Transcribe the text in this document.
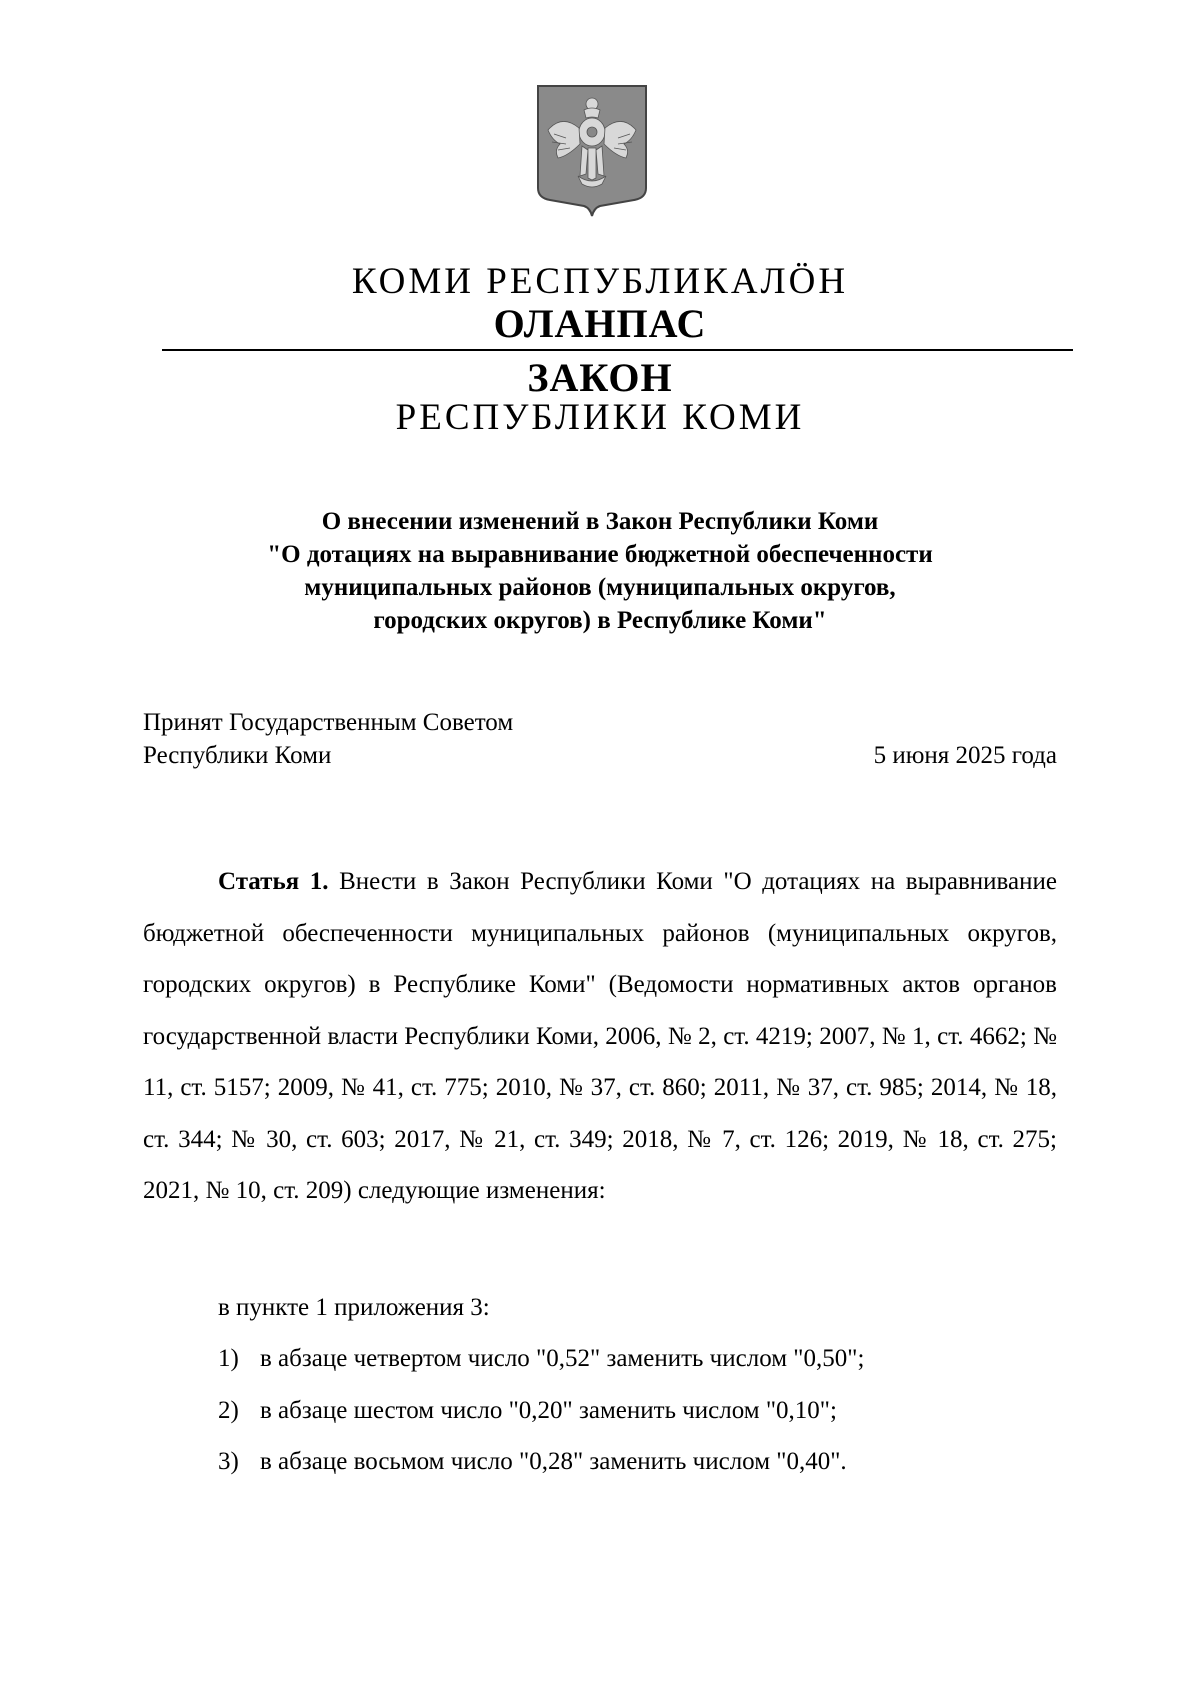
КОМИ РЕСПУБЛИКАЛӦН
ОЛАНПАС
ЗАКОН
РЕСПУБЛИКИ КОМИ
О внесении изменений в Закон Республики Коми
"О дотациях на выравнивание бюджетной обеспеченности
муниципальных районов (муниципальных округов,
городских округов) в Республике Коми"
Принят Государственным Советом
Республики Коми	5 июня 2025 года
Статья 1. Внести в Закон Республики Коми "О дотациях на выравнивание бюджетной обеспеченности муниципальных районов (муниципальных округов, городских округов) в Республике Коми" (Ведомости нормативных актов органов государственной власти Республики Коми, 2006, № 2, ст. 4219; 2007, № 1, ст. 4662; № 11, ст. 5157; 2009, № 41, ст. 775; 2010, № 37, ст. 860; 2011, № 37, ст. 985; 2014, № 18, ст. 344; № 30, ст. 603; 2017, № 21, ст. 349; 2018, № 7, ст. 126; 2019, № 18, ст. 275; 2021, № 10, ст. 209) следующие изменения:
в пункте 1 приложения 3:
1) в абзаце четвертом число "0,52" заменить числом "0,50";
2) в абзаце шестом число "0,20" заменить числом "0,10";
3) в абзаце восьмом число "0,28" заменить числом "0,40".
